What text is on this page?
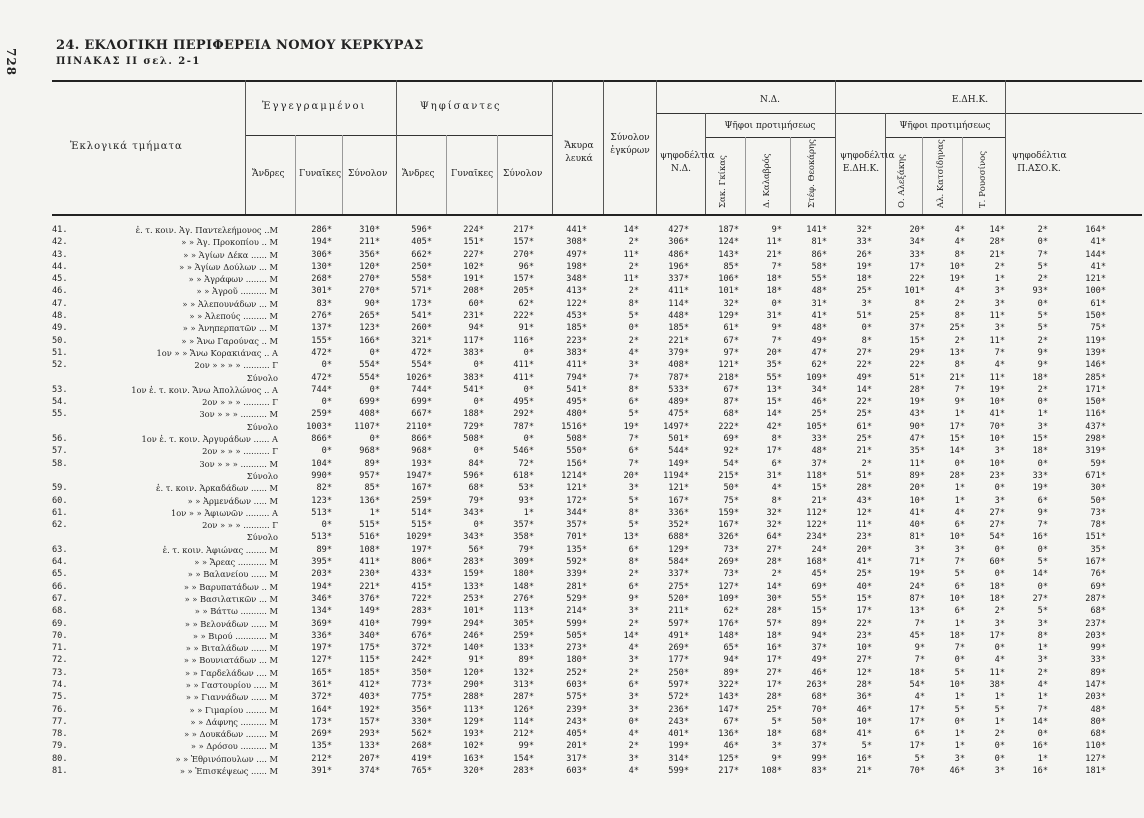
728
24. ΕΚΛΟΓΙΚΗ ΠΕΡΙΦΕΡΕΙΑ ΝΟΜΟΥ ΚΕΡΚΥΡΑΣ
ΠΙΝΑΚΑΣ II σελ. 2-1
Ἐκλογικά τμήματα
Ἐγγεγραμμένοι	Ψηφίσαντες
Ἄνδρες Γυναῖκες Σύνολον Ἄνδρες Γυναῖκες Σύνολον
Ἄκυρα λευκά
Σύνολον ἐγκύρων ψηφοδέλτια Ν.Δ.
Ν.Δ.
Ψῆφοι προτιμήσεως
Σακ. Γκίκας	Δ. Καλαβρός	Στέφ. Θεοκάρης	ψηφοδέλτια Ε.ΔΗ.Κ.
Ε.ΔΗ.Κ.
Ψῆφοι προτιμήσεως
Ο. Αλεξάκης	Αλ. Κατσίδηνας	Τ. Ρουσσίνος	ψηφοδέλτια Π.ΑΣΟ.Κ.
41.	ἐ. τ. κοιν. Ἁγ. Παντελεήμονος ..Μ	286*	310*	596*	224*	217*	441*	14*	427*	187*	9*	141*	32*	20*	4*	14*	2*	164*
42.	» » Ἁγ. Προκοπίου .. Μ	194*	211*	405*	151*	157*	308*	2*	306*	124*	11*	81*	33*	34*	4*	28*	0*	41*
43.	» » Ἁγίων Δέκα ...... Μ	306*	356*	662*	227*	270*	497*	11*	486*	143*	21*	86*	26*	33*	8*	21*	7*	144*
44.	» » Ἁγίων Δούλων ... Μ	130*	120*	250*	102*	96*	198*	2*	196*	85*	7*	58*	19*	17*	10*	2*	5*	41*
45.	» » Ἀγράφων ........ Μ	268*	270*	558*	191*	157*	348*	11*	337*	106*	18*	55*	18*	22*	19*	1*	2*	121*
46.	» » Ἀγροῦ .......... Μ	301*	270*	571*	208*	205*	413*	2*	411*	101*	18*	48*	25*	101*	4*	3*	93*	100*
47.	» » Ἀλεπουνάδων ... Μ	83*	90*	173*	60*	62*	122*	8*	114*	32*	0*	31*	3*	8*	2*	3*	0*	61*
48.	» » Ἀλεπούς ......... Μ	276*	265*	541*	231*	222*	453*	5*	448*	129*	31*	41*	51*	25*	8*	11*	5*	150*
49.	» » Ἀνηπερπατῶν ... Μ	137*	123*	260*	94*	91*	185*	0*	185*	61*	9*	48*	0*	37*	25*	3*	5*	75*
50.	» » Ἄνω Γαρούνας .. Μ	155*	166*	321*	117*	116*	223*	2*	221*	67*	7*	49*	8*	15*	2*	11*	2*	119*
51.	1ον » » Ἄνω Κορακιάνας .. Α	472*	0*	472*	383*	0*	383*	4*	379*	97*	20*	47*	27*	29*	13*	7*	9*	139*
52.	2ον » » » » .......... Γ	0*	554*	554*	0*	411*	411*	3*	408*	121*	35*	62*	22*	22*	8*	4*	9*	146*
Σύνολο	472*	554*	1026*	383*	411*	794*	7*	787*	218*	55*	109*	49*	51*	21*	11*	18*	285*
53.	1ον ἐ. τ. κοιν. Ἄνω Ἀπολλώνος .. Α	744*	0*	744*	541*	0*	541*	8*	533*	67*	13*	34*	14*	28*	7*	19*	2*	171*
54.	2ον » » » .......... Γ	0*	699*	699*	0*	495*	495*	6*	489*	87*	15*	46*	22*	19*	9*	10*	0*	150*
55.	3ον » » » .......... Μ	259*	408*	667*	188*	292*	480*	5*	475*	68*	14*	25*	25*	43*	1*	41*	1*	116*
Σύνολο	1003*	1107*	2110*	729*	787*	1516*	19*	1497*	222*	42*	105*	61*	90*	17*	70*	3*	437*
56.	1ον ἐ. τ. κοιν. Ἀργυράδων ...... Α	866*	0*	866*	508*	0*	508*	7*	501*	69*	8*	33*	25*	47*	15*	10*	15*	298*
57.	2ον » » » .......... Γ	0*	968*	968*	0*	546*	550*	6*	544*	92*	17*	48*	21*	35*	14*	3*	18*	319*
58.	3ον » » » .......... Μ	104*	89*	193*	84*	72*	156*	7*	149*	54*	6*	37*	2*	11*	0*	10*	0*	59*
Σύνολο	990*	957*	1947*	596*	618*	1214*	20*	1194*	215*	31*	118*	51*	89*	28*	23*	33*	671*
59.	ἐ. τ. κοιν. Ἀρκαδάδων ...... Μ	82*	85*	167*	68*	53*	121*	3*	121*	50*	4*	15*	28*	20*	1*	0*	19*	30*
60.	» » Ἀρμενάδων ..... Μ	123*	136*	259*	79*	93*	172*	5*	167*	75*	8*	21*	43*	10*	1*	3*	6*	50*
61.	1ον » » Ἀφιωνῶν ......... Α	513*	1*	514*	343*	1*	344*	8*	336*	159*	32*	112*	12*	41*	4*	27*	9*	73*
62.	2ον » » » .......... Γ	0*	515*	515*	0*	357*	357*	5*	352*	167*	32*	122*	11*	40*	6*	27*	7*	78*
Σύνολο	513*	516*	1029*	343*	358*	701*	13*	688*	326*	64*	234*	23*	81*	10*	54*	16*	151*
63.	ἐ. τ. κοιν. Ἀφιώνας ........ Μ	89*	108*	197*	56*	79*	135*	6*	129*	73*	27*	24*	20*	3*	3*	0*	0*	35*
64.	» » Ἄρεας ........... Μ	395*	411*	806*	283*	309*	592*	8*	584*	269*	28*	168*	41*	71*	7*	60*	5*	167*
65.	» » Βαλανείου ...... Μ	203*	230*	433*	159*	180*	339*	2*	337*	73*	2*	45*	25*	19*	5*	0*	14*	76*
66.	» » Βαρυπατάδων .. Μ	194*	221*	415*	133*	148*	281*	6*	275*	127*	14*	69*	40*	24*	6*	18*	0*	69*
67.	» » Βασιλατικῶν ... Μ	346*	376*	722*	253*	276*	529*	9*	520*	109*	30*	55*	15*	87*	10*	18*	27*	287*
68.	» » Βάττω .......... Μ	134*	149*	283*	101*	113*	214*	3*	211*	62*	28*	15*	17*	13*	6*	2*	5*	68*
69.	» » Βελονάδων ...... Μ	369*	410*	799*	294*	305*	599*	2*	597*	176*	57*	89*	22*	7*	1*	3*	3*	237*
70.	» » Βιρού ............ Μ	336*	340*	676*	246*	259*	505*	14*	491*	148*	18*	94*	23*	45*	18*	17*	8*	203*
71.	» » Βιταλάδων ...... Μ	197*	175*	372*	140*	133*	273*	4*	269*	65*	16*	37*	10*	9*	7*	0*	1*	99*
72.	» » Βουνιατάδων ... Μ	127*	115*	242*	91*	89*	180*	3*	177*	94*	17*	49*	27*	7*	0*	4*	3*	33*
73.	» » Γαρδελάδων .... Μ	165*	185*	350*	120*	132*	252*	2*	250*	89*	27*	46*	12*	18*	5*	11*	2*	89*
74.	» » Γαστουρίου ..... Μ	361*	412*	773*	290*	313*	603*	6*	597*	322*	17*	263*	28*	54*	10*	38*	4*	147*
75.	» » Γιαννάδων ...... Μ	372*	403*	775*	288*	287*	575*	3*	572*	143*	28*	68*	36*	4*	1*	1*	1*	203*
76.	» » Γιμαρίου ........ Μ	164*	192*	356*	113*	126*	239*	3*	236*	147*	25*	70*	46*	17*	5*	5*	7*	48*
77.	» » Δάφνης .......... Μ	173*	157*	330*	129*	114*	243*	0*	243*	67*	5*	50*	10*	17*	0*	1*	14*	80*
78.	» » Δουκάδων ........ Μ	269*	293*	562*	193*	212*	405*	4*	401*	136*	18*	68*	41*	6*	1*	2*	0*	68*
79.	» » Δρόσου .......... Μ	135*	133*	268*	102*	99*	201*	2*	199*	46*	3*	37*	5*	17*	1*	0*	16*	110*
80.	» » Ἐθρινόπουλων .... Μ	212*	207*	419*	163*	154*	317*	3*	314*	125*	9*	99*	16*	5*	3*	0*	1*	127*
81.	» » Ἐπισκέψεως ...... Μ	391*	374*	765*	320*	283*	603*	4*	599*	217*	108*	83*	21*	70*	46*	3*	16*	181*
